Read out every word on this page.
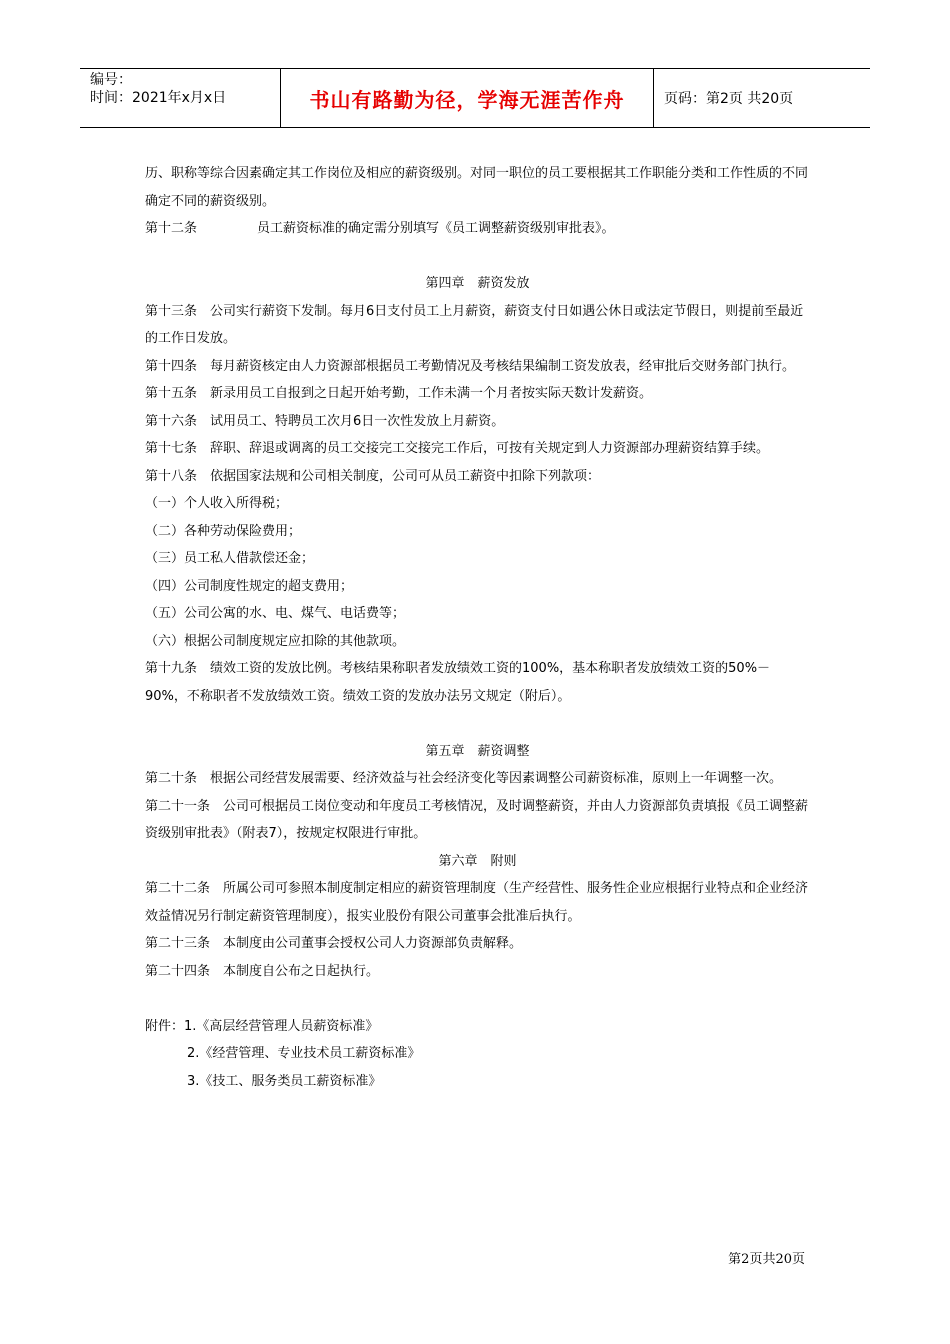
编号：
时间：2021年x月x日	书山有路勤为径，学海无涯苦作舟	页码：第2页 共20页

历、职称等综合因素确定其工作岗位及相应的薪资级别。对同一职位的员工要根据其工作职能分类和工作性质的不同确定不同的薪资级别。

第十二条	员工薪资标准的确定需分别填写《员工调整薪资级别审批表》。

第四章　薪资发放

第十三条　公司实行薪资下发制。每月6日支付员工上月薪资，薪资支付日如遇公休日或法定节假日，则提前至最近的工作日发放。

第十四条　每月薪资核定由人力资源部根据员工考勤情况及考核结果编制工资发放表，经审批后交财务部门执行。

第十五条　新录用员工自报到之日起开始考勤，工作未满一个月者按实际天数计发薪资。

第十六条　试用员工、特聘员工次月6日一次性发放上月薪资。

第十七条　辞职、辞退或调离的员工交接完工交接完工作后，可按有关规定到人力资源部办理薪资结算手续。

第十八条　依据国家法规和公司相关制度，公司可从员工薪资中扣除下列款项：

（一）个人收入所得税；

（二）各种劳动保险费用；

（三）员工私人借款偿还金；

（四）公司制度性规定的超支费用；

（五）公司公寓的水、电、煤气、电话费等；

（六）根据公司制度规定应扣除的其他款项。

第十九条　绩效工资的发放比例。考核结果称职者发放绩效工资的100%，基本称职者发放绩效工资的50%－90%，不称职者不发放绩效工资。绩效工资的发放办法另文规定（附后）。

第五章　薪资调整

第二十条　根据公司经营发展需要、经济效益与社会经济变化等因素调整公司薪资标准，原则上一年调整一次。

第二十一条　公司可根据员工岗位变动和年度员工考核情况，及时调整薪资，并由人力资源部负责填报《员工调整薪资级别审批表》（附表7），按规定权限进行审批。

第六章　附则

第二十二条　所属公司可参照本制度制定相应的薪资管理制度（生产经营性、服务性企业应根据行业特点和企业经济效益情况另行制定薪资管理制度），报实业股份有限公司董事会批准后执行。

第二十三条　本制度由公司董事会授权公司人力资源部负责解释。

第二十四条　本制度自公布之日起执行。

附件：1.《高层经营管理人员薪资标准》

2.《经营管理、专业技术员工薪资标准》

3.《技工、服务类员工薪资标准》

第2页共20页
